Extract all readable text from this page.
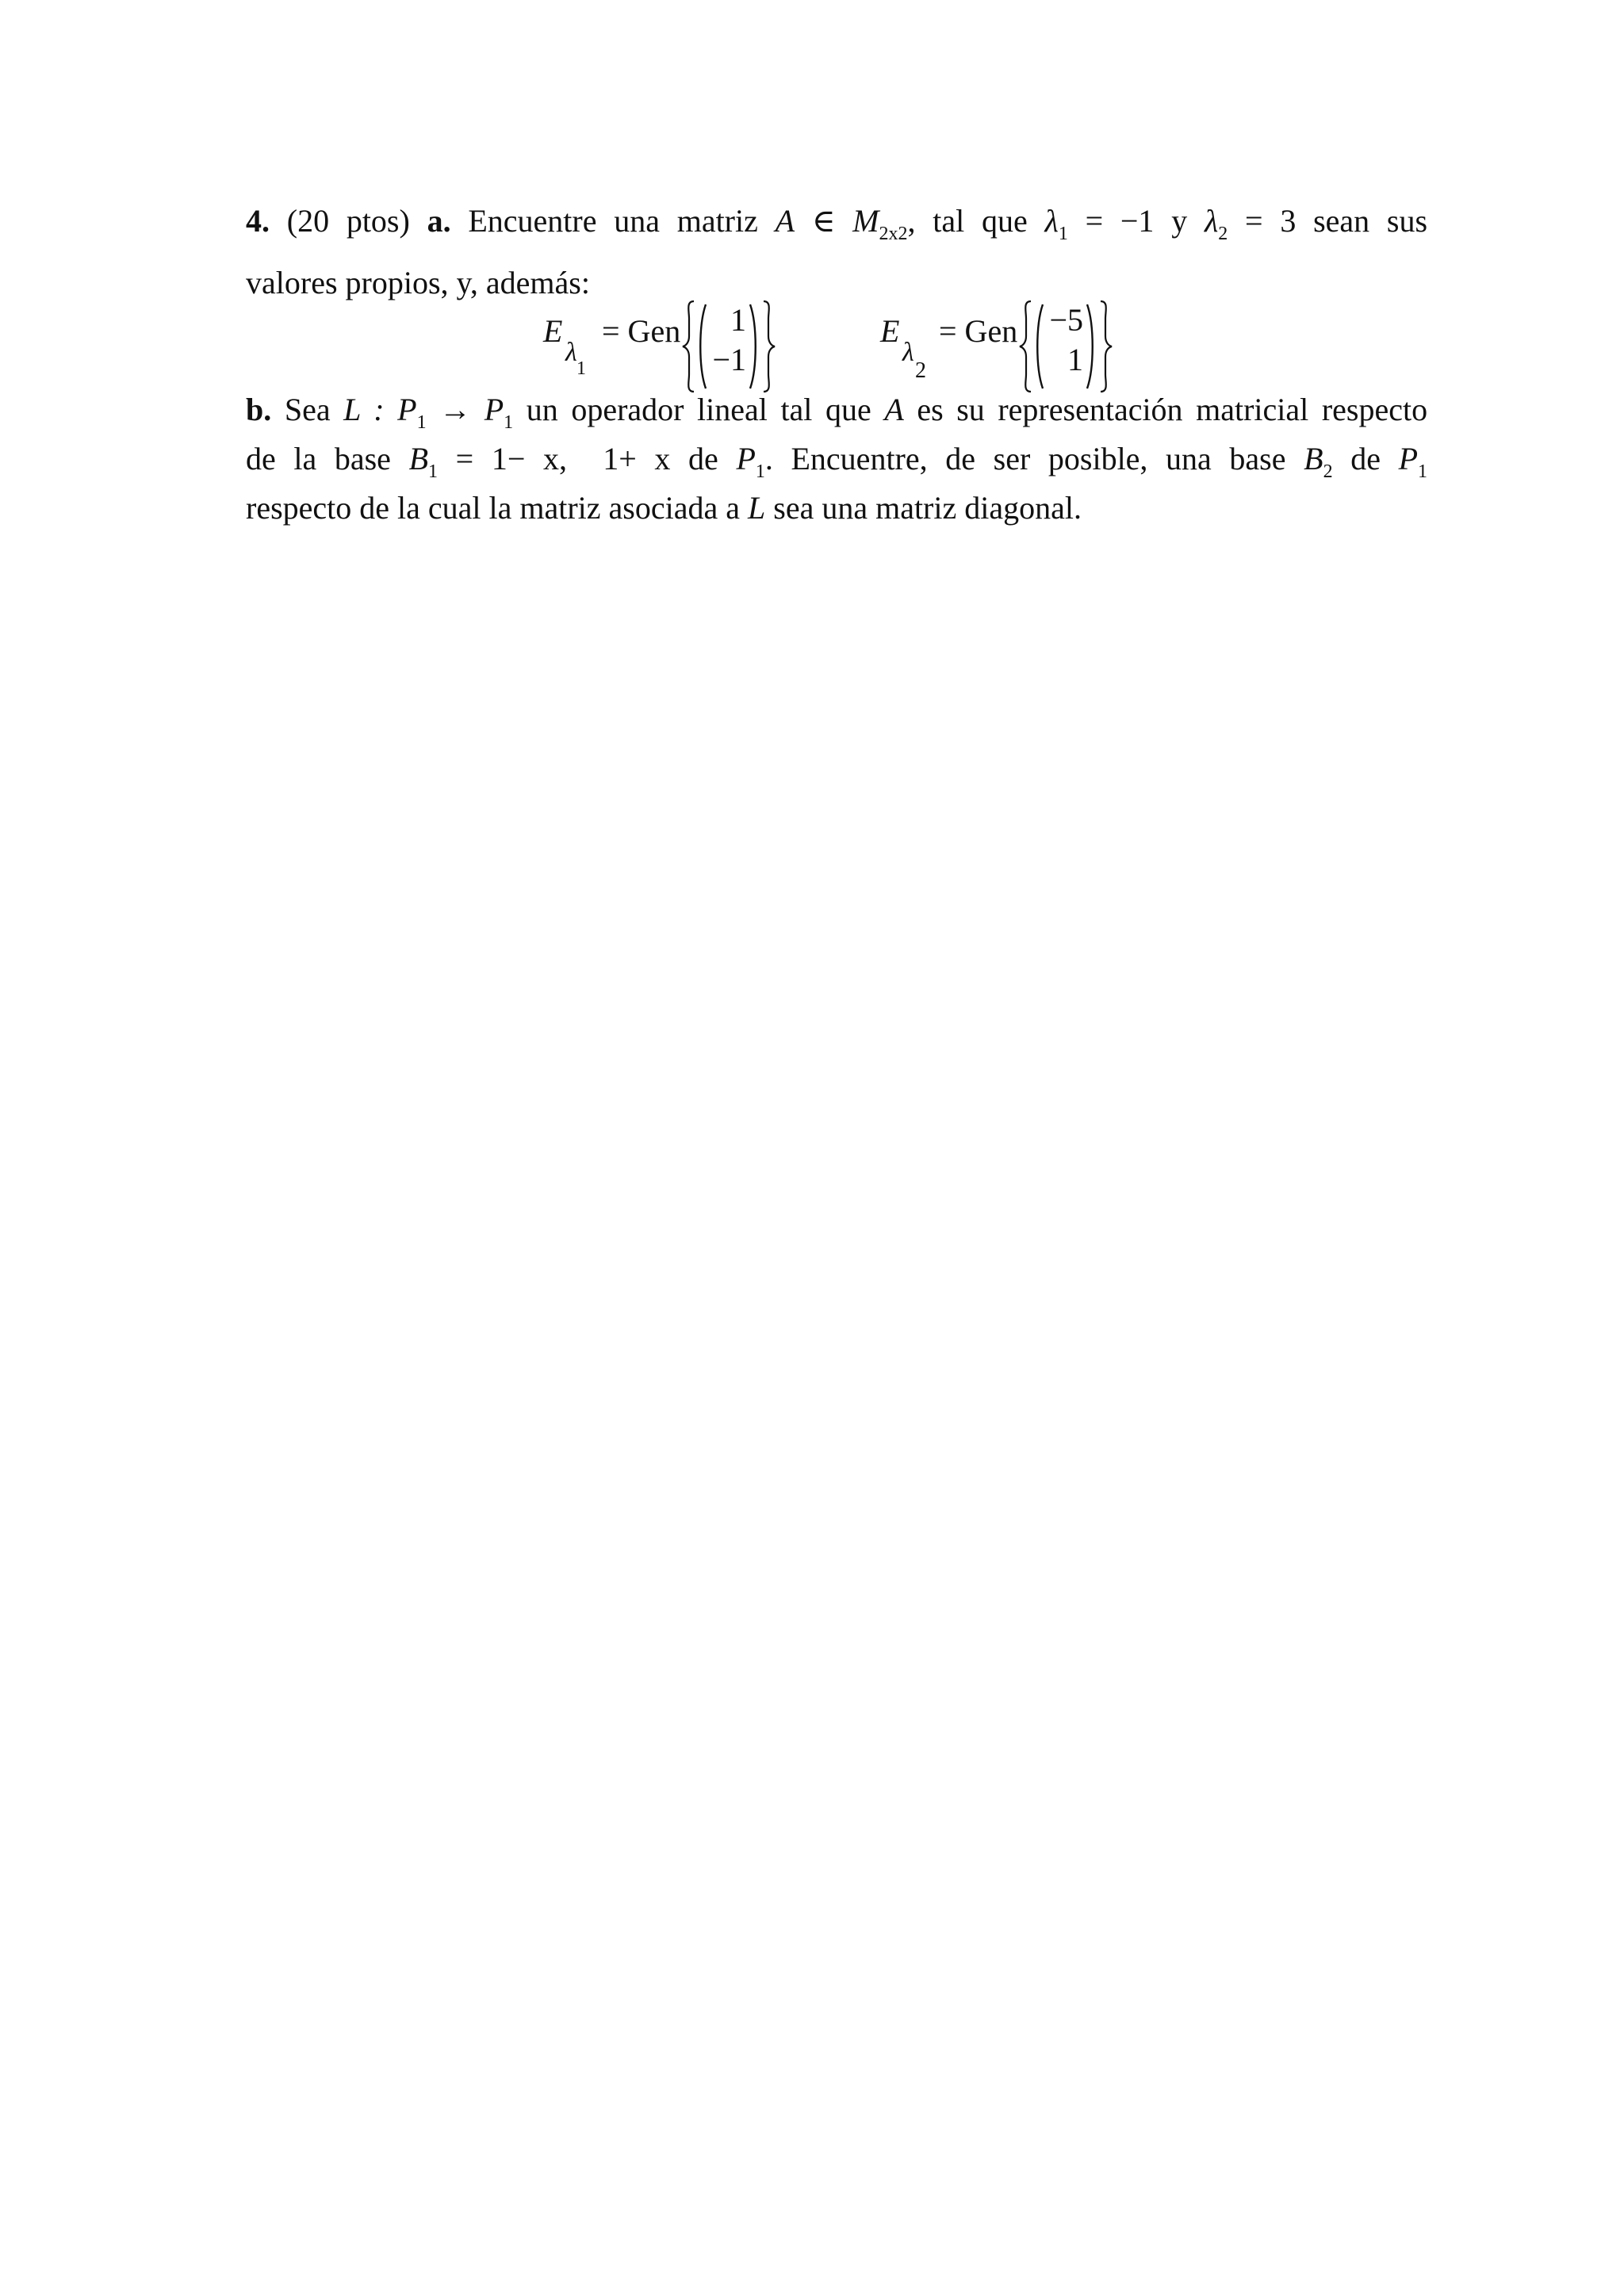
4. (20 ptos) a. Encuentre una matriz A ∈ $M_{2x2}$, tal que $\lambda_1 = -1$ y $\lambda_2 = 3$ sean sus
valores propios, y, además:
E
λ
1
= Gen	1
−1
E
λ
2
= Gen −5
1
b. Sea L : $P_1 \to P_1$ un operador lineal tal que A es su representación matricial respecto
de la base $B_1 = 1- x$,  1+ x de $P_1$. Encuentre, de ser posible, una base $B_2$ de $P_1$
respecto de la cual la matriz asociada a L sea una matriz diagonal.
